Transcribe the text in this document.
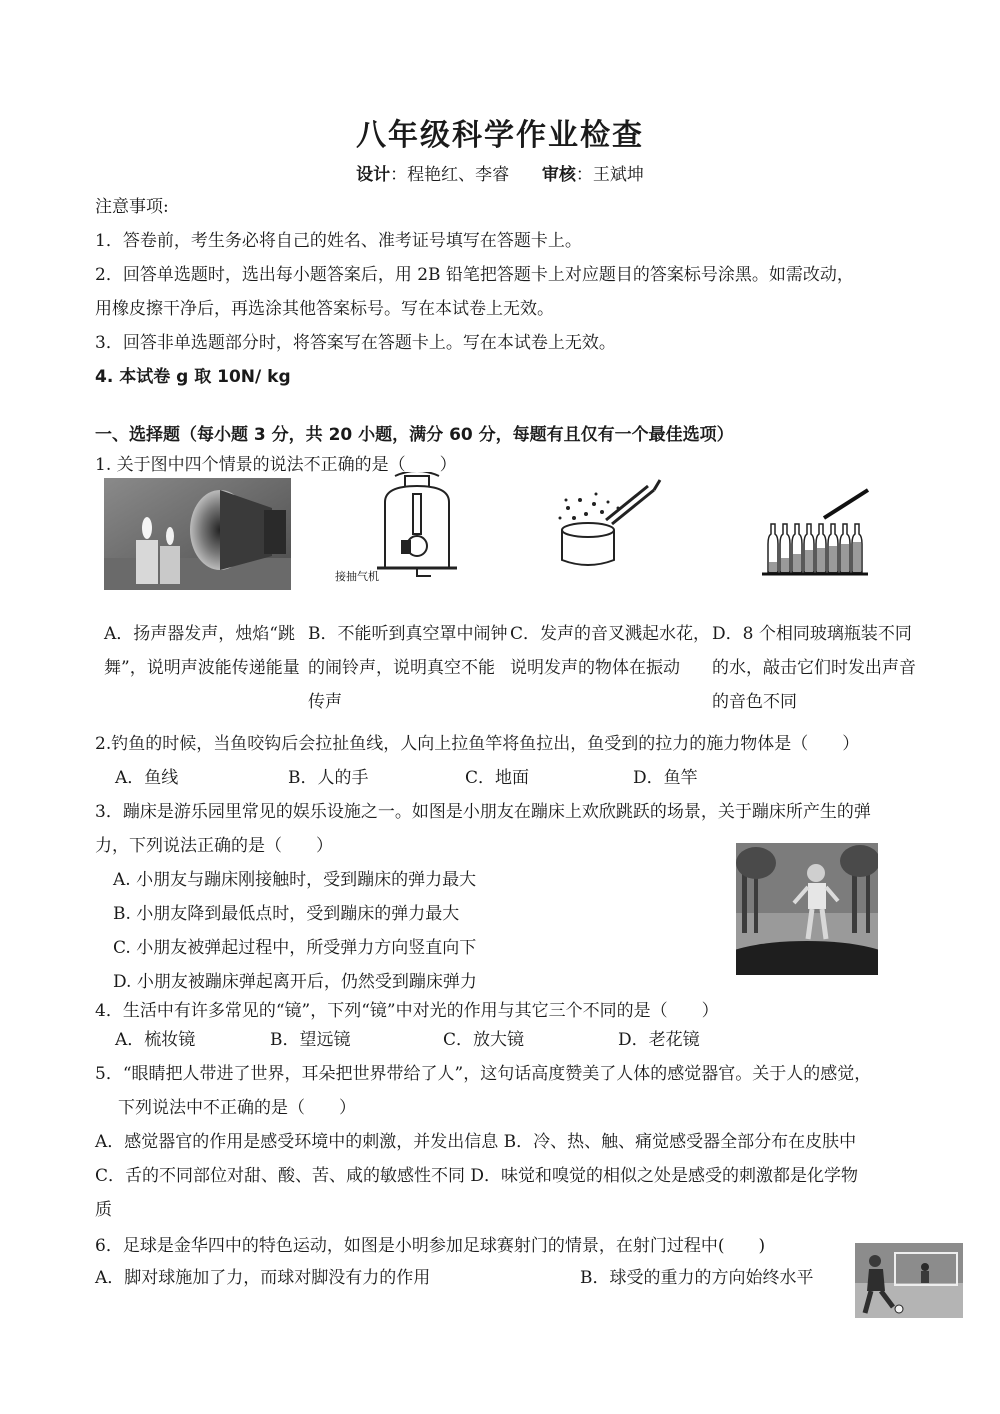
八年级科学作业检查
设计：程艳红、李睿 审核：王斌坤
注意事项:
1．答卷前，考生务必将自己的姓名、准考证号填写在答题卡上。
2．回答单选题时，选出每小题答案后，用 2B 铅笔把答题卡上对应题目的答案标号涂黑。如需改动，
用橡皮擦干净后，再选涂其他答案标号。写在本试卷上无效。
3．回答非单选题部分时，将答案写在答题卡上。写在本试卷上无效。
4. 本试卷 g 取 10N/ kg
一、选择题（每小题 3 分，共 20 小题，满分 60 分，每题有且仅有一个最佳选项）
1. 关于图中四个情景的说法不正确的是（　　）
接抽气机
A．扬声器发声，烛焰“跳舞”，说明声波能传递能量
B．不能听到真空罩中闹钟的闹铃声，说明真空不能传声
C．发声的音叉溅起水花，说明发声的物体在振动
D．8 个相同玻璃瓶装不同的水，敲击它们时发出声音的音色不同
2.钓鱼的时候，当鱼咬钩后会拉扯鱼线，人向上拉鱼竿将鱼拉出，鱼受到的拉力的施力物体是（　　）
A．鱼线	B．人的手	C．地面	D．鱼竿
3．蹦床是游乐园里常见的娱乐设施之一。如图是小朋友在蹦床上欢欣跳跃的场景，关于蹦床所产生的弹
力，下列说法正确的是（　　）
A. 小朋友与蹦床刚接触时，受到蹦床的弹力最大
B. 小朋友降到最低点时，受到蹦床的弹力最大
C. 小朋友被弹起过程中，所受弹力方向竖直向下
D. 小朋友被蹦床弹起离开后，仍然受到蹦床弹力
4．生活中有许多常见的“镜”，下列“镜”中对光的作用与其它三个不同的是（　　）
A．梳妆镜	B．望远镜	C．放大镜	D．老花镜
5．“眼睛把人带进了世界，耳朵把世界带给了人”，这句话高度赞美了人体的感觉器官。关于人的感觉，
下列说法中不正确的是（　　）
A．感觉器官的作用是感受环境中的刺激，并发出信息 B．冷、热、触、痛觉感受器全部分布在皮肤中
C．舌的不同部位对甜、酸、苦、咸的敏感性不同 D．味觉和嗅觉的相似之处是感受的刺激都是化学物
质
6．足球是金华四中的特色运动，如图是小明参加足球赛射门的情景，在射门过程中(　　)
A．脚对球施加了力，而球对脚没有力的作用	B．球受的重力的方向始终水平
